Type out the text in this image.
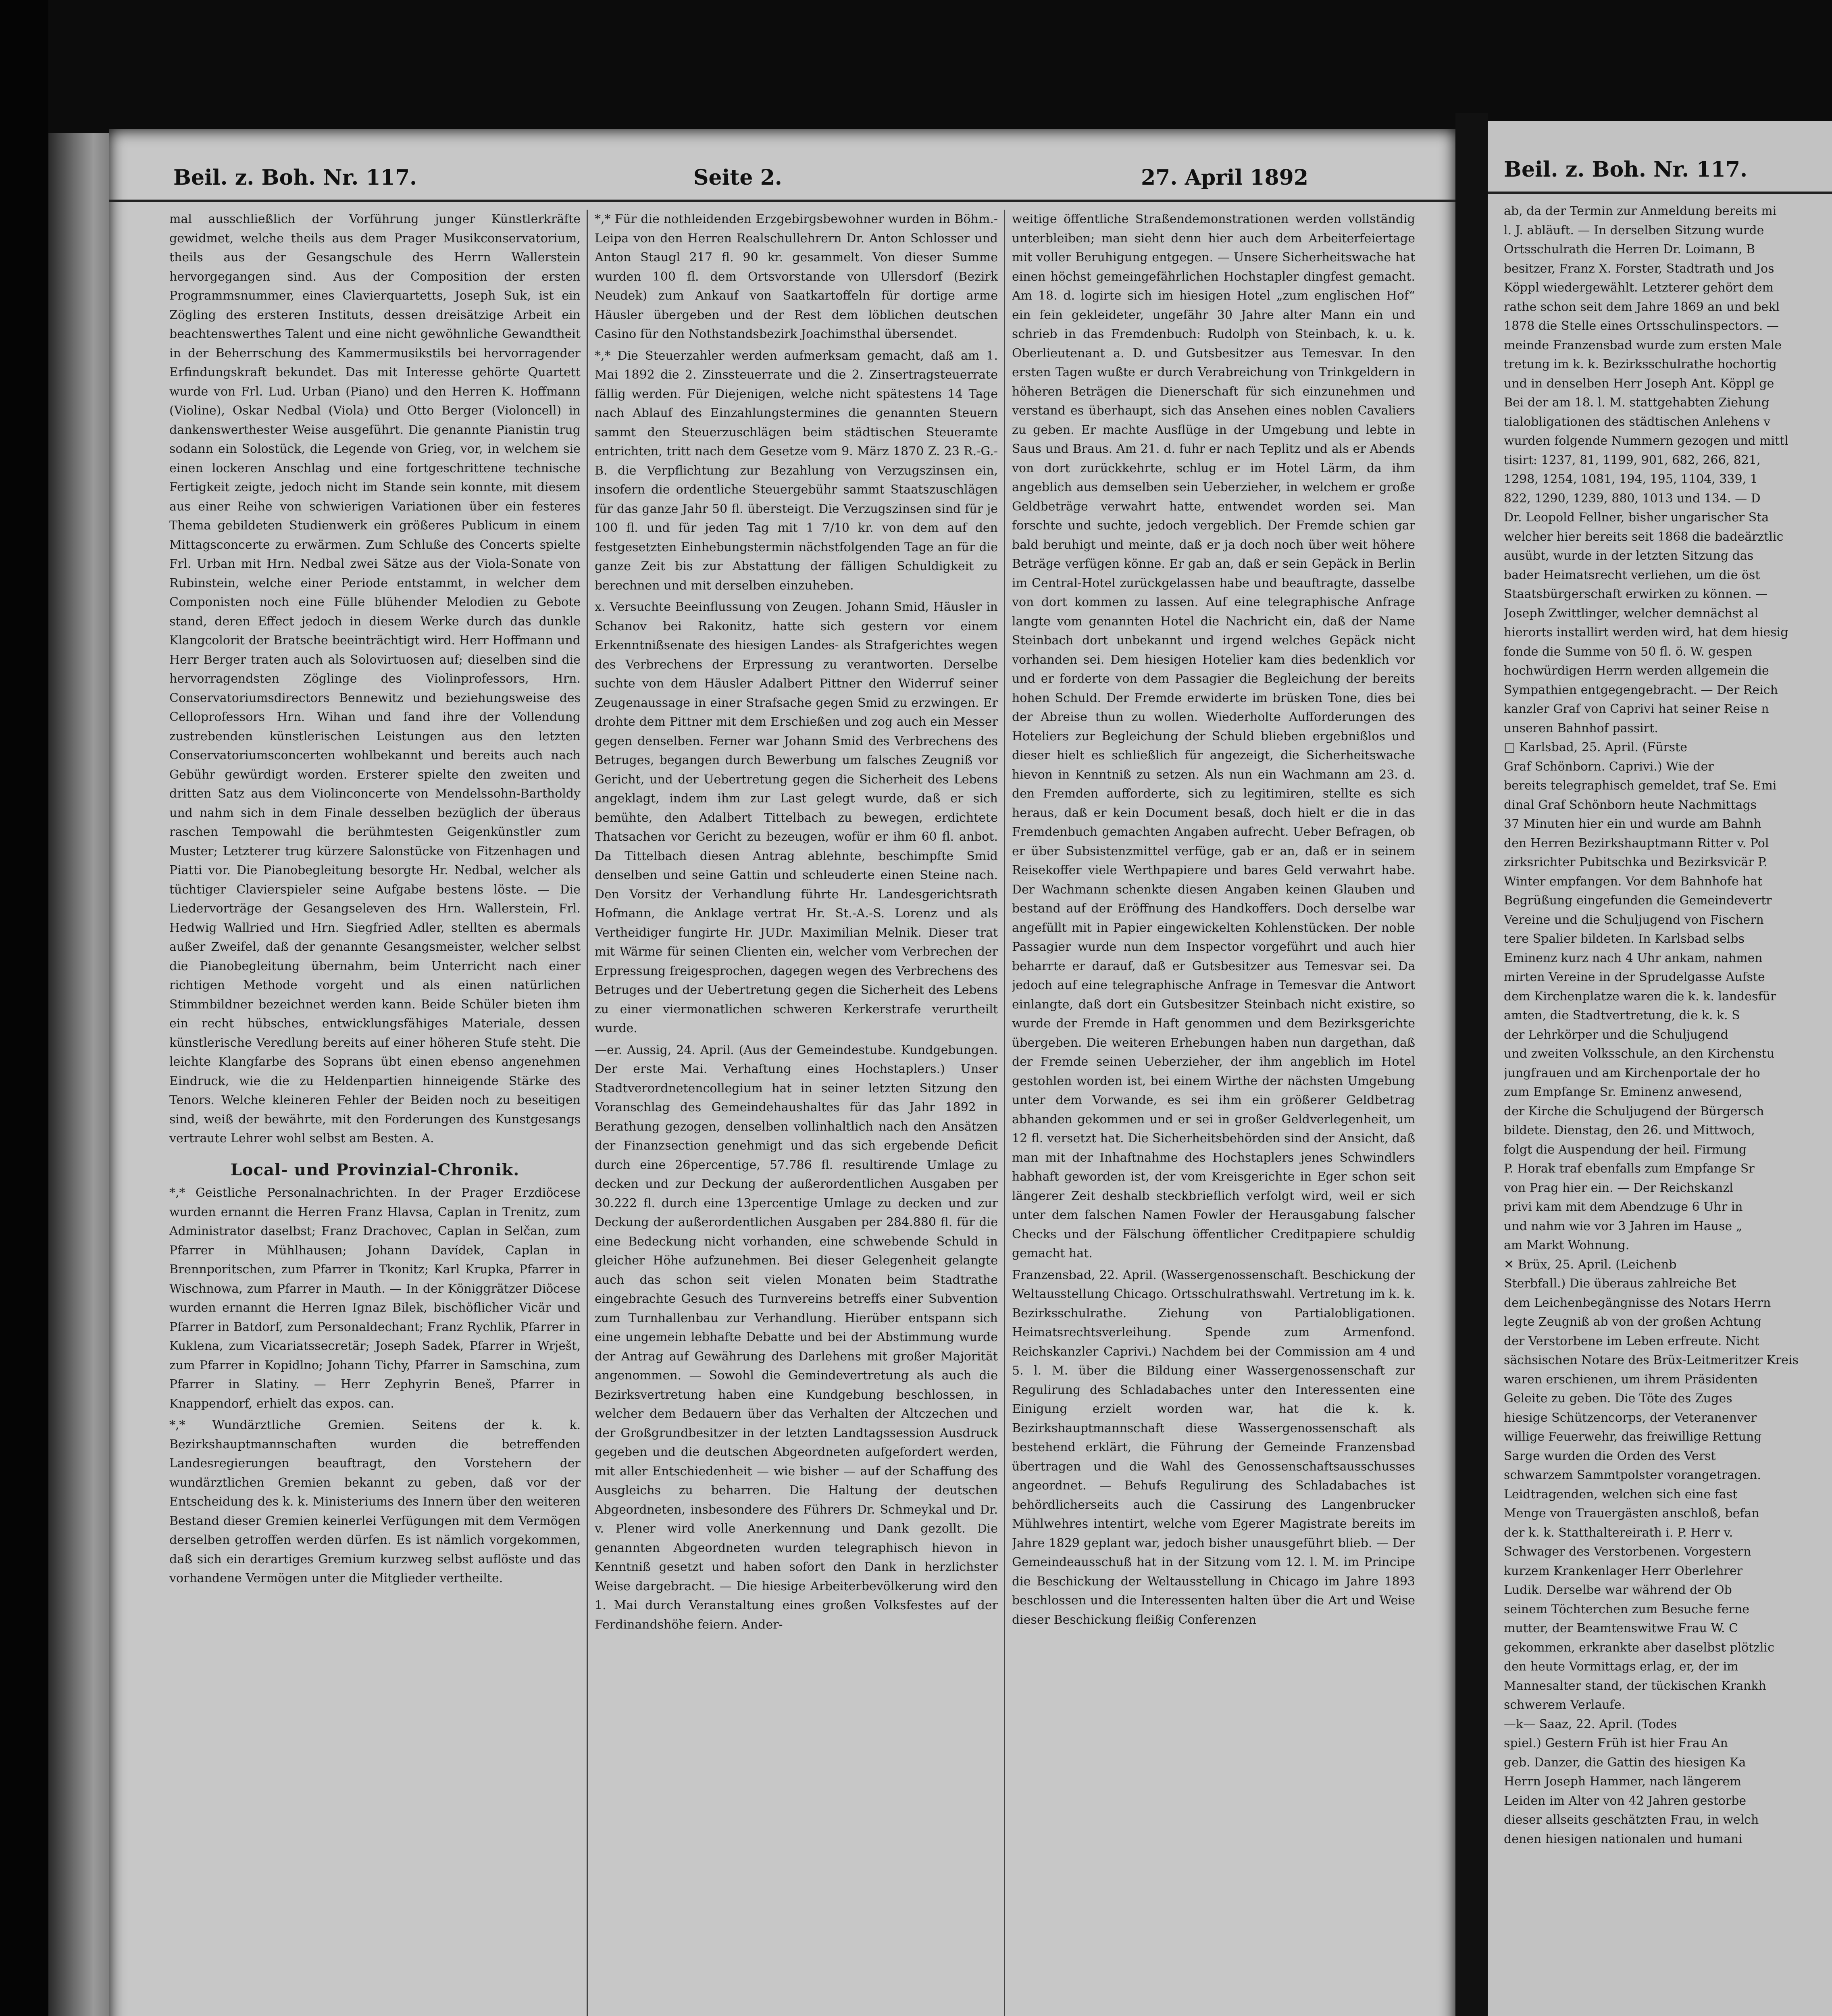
Beil. z. Boh. Nr. 117.	Seite 2.	27. April 1892

mal ausschließlich der Vorführung junger Künstlerkräfte gewidmet, welche theils aus dem Prager Musikconservatorium, theils aus der Gesangschule des Herrn Wallerstein hervorgegangen sind. Aus der Composition der ersten Programmsnummer, eines Clavierquartetts, Joseph Suk, ist ein Zögling des ersteren Instituts, dessen dreisätzige Arbeit ein beachtenswerthes Talent und eine nicht gewöhnliche Gewandtheit in der Beherrschung des Kammermusikstils bei hervorragender Erfindungskraft bekundet. Das mit Interesse gehörte Quartett wurde von Frl. Lud. Urban (Piano) und den Herren K. Hoffmann (Violine), Oskar Nedbal (Viola) und Otto Berger (Violoncell) in dankenswerthester Weise ausgeführt. Die genannte Pianistin trug sodann ein Solostück, die Legende von Grieg, vor, in welchem sie einen lockeren Anschlag und eine fortgeschrittene technische Fertigkeit zeigte, jedoch nicht im Stande sein konnte, mit diesem aus einer Reihe von schwierigen Variationen über ein festeres Thema gebildeten Studienwerk ein größeres Publicum in einem Mittagsconcerte zu erwärmen. Zum Schluße des Concerts spielte Frl. Urban mit Hrn. Nedbal zwei Sätze aus der Viola-Sonate von Rubinstein, welche einer Periode entstammt, in welcher dem Componisten noch eine Fülle blühender Melodien zu Gebote stand, deren Effect jedoch in diesem Werke durch das dunkle Klangcolorit der Bratsche beeinträchtigt wird. Herr Hoffmann und Herr Berger traten auch als Solovirtuosen auf; dieselben sind die hervorragendsten Zöglinge des Violinprofessors, Hrn. Conservatoriumsdirectors Bennewitz und beziehungsweise des Celloprofessors Hrn. Wihan und fand ihre der Vollendung zustrebenden künstlerischen Leistungen aus den letzten Conservatoriumsconcerten wohlbekannt und bereits auch nach Gebühr gewürdigt worden. Ersterer spielte den zweiten und dritten Satz aus dem Violinconcerte von Mendelssohn-Bartholdy und nahm sich in dem Finale desselben bezüglich der überaus raschen Tempowahl die berühmtesten Geigenkünstler zum Muster; Letzterer trug kürzere Salonstücke von Fitzenhagen und Piatti vor. Die Pianobegleitung besorgte Hr. Nedbal, welcher als tüchtiger Clavierspieler seine Aufgabe bestens löste. — Die Liedervorträge der Gesangseleven des Hrn. Wallerstein, Frl. Hedwig Wallried und Hrn. Siegfried Adler, stellten es abermals außer Zweifel, daß der genannte Gesangsmeister, welcher selbst die Pianobegleitung übernahm, beim Unterricht nach einer richtigen Methode vorgeht und als einen natürlichen Stimmbildner bezeichnet werden kann. Beide Schüler bieten ihm ein recht hübsches, entwicklungsfähiges Materiale, dessen künstlerische Veredlung bereits auf einer höheren Stufe steht. Die leichte Klangfarbe des Soprans übt einen ebenso angenehmen Eindruck, wie die zu Heldenpartien hinneigende Stärke des Tenors. Welche kleineren Fehler der Beiden noch zu beseitigen sind, weiß der bewährte, mit den Forderungen des Kunstgesangs vertraute Lehrer wohl selbst am Besten. A.

Local- und Provinzial-Chronik.

*,* Geistliche Personalnachrichten. In der Prager Erzdiöcese wurden ernannt die Herren Franz Hlavsa, Caplan in Trenitz, zum Administrator daselbst; Franz Drachovec, Caplan in Selčan, zum Pfarrer in Mühlhausen; Johann Davídek, Caplan in Brennporitschen, zum Pfarrer in Tkonitz; Karl Krupka, Pfarrer in Wischnowa, zum Pfarrer in Mauth. — In der Königgrätzer Diöcese wurden ernannt die Herren Ignaz Bilek, bischöflicher Vicär und Pfarrer in Batdorf, zum Personaldechant; Franz Rychlik, Pfarrer in Kuklena, zum Vicariatssecretär; Joseph Sadek, Pfarrer in Wrješt, zum Pfarrer in Kopidlno; Johann Tichy, Pfarrer in Samschina, zum Pfarrer in Slatiny. — Herr Zephyrin Beneš, Pfarrer in Knappendorf, erhielt das expos. can.

*,* Wundärztliche Gremien. Seitens der k. k. Bezirkshauptmannschaften wurden die betreffenden Landesregierungen beauftragt, den Vorstehern der wundärztlichen Gremien bekannt zu geben, daß vor der Entscheidung des k. k. Ministeriums des Innern über den weiteren Bestand dieser Gremien keinerlei Verfügungen mit dem Vermögen derselben getroffen werden dürfen. Es ist nämlich vorgekommen, daß sich ein derartiges Gremium kurzweg selbst auflöste und das vorhandene Vermögen unter die Mitglieder vertheilte.

*,* Für die nothleidenden Erzgebirgsbewohner wurden in Böhm.-Leipa von den Herren Realschullehrern Dr. Anton Schlosser und Anton Staugl 217 fl. 90 kr. gesammelt. Von dieser Summe wurden 100 fl. dem Ortsvorstande von Ullersdorf (Bezirk Neudek) zum Ankauf von Saatkartoffeln für dortige arme Häusler übergeben und der Rest dem löblichen deutschen Casino für den Nothstandsbezirk Joachimsthal übersendet.

*,* Die Steuerzahler werden aufmerksam gemacht, daß am 1. Mai 1892 die 2. Zinssteuerrate und die 2. Zinsertragsteuerrate fällig werden. Für Diejenigen, welche nicht spätestens 14 Tage nach Ablauf des Einzahlungstermines die genannten Steuern sammt den Steuerzuschlägen beim städtischen Steueramte entrichten, tritt nach dem Gesetze vom 9. März 1870 Z. 23 R.-G.-B. die Verpflichtung zur Bezahlung von Verzugszinsen ein, insofern die ordentliche Steuergebühr sammt Staatszuschlägen für das ganze Jahr 50 fl. übersteigt. Die Verzugszinsen sind für je 100 fl. und für jeden Tag mit 1 7/10 kr. von dem auf den festgesetzten Einhebungstermin nächstfolgenden Tage an für die ganze Zeit bis zur Abstattung der fälligen Schuldigkeit zu berechnen und mit derselben einzuheben.

x. Versuchte Beeinflussung von Zeugen. Johann Smid, Häusler in Schanov bei Rakonitz, hatte sich gestern vor einem Erkenntnißsenate des hiesigen Landes- als Strafgerichtes wegen des Verbrechens der Erpressung zu verantworten. Derselbe suchte von dem Häusler Adalbert Pittner den Widerruf seiner Zeugenaussage in einer Strafsache gegen Smid zu erzwingen. Er drohte dem Pittner mit dem Erschießen und zog auch ein Messer gegen denselben. Ferner war Johann Smid des Verbrechens des Betruges, begangen durch Bewerbung um falsches Zeugniß vor Gericht, und der Uebertretung gegen die Sicherheit des Lebens angeklagt, indem ihm zur Last gelegt wurde, daß er sich bemühte, den Adalbert Tittelbach zu bewegen, erdichtete Thatsachen vor Gericht zu bezeugen, wofür er ihm 60 fl. anbot. Da Tittelbach diesen Antrag ablehnte, beschimpfte Smid denselben und seine Gattin und schleuderte einen Steine nach. Den Vorsitz der Verhandlung führte Hr. Landesgerichtsrath Hofmann, die Anklage vertrat Hr. St.-A.-S. Lorenz und als Vertheidiger fungirte Hr. JUDr. Maximilian Melnik. Dieser trat mit Wärme für seinen Clienten ein, welcher vom Verbrechen der Erpressung freigesprochen, dagegen wegen des Verbrechens des Betruges und der Uebertretung gegen die Sicherheit des Lebens zu einer viermonatlichen schweren Kerkerstrafe verurtheilt wurde.

—er. Aussig, 24. April. (Aus der Gemeindestube. Kundgebungen. Der erste Mai. Verhaftung eines Hochstaplers.) Unser Stadtverordnetencollegium hat in seiner letzten Sitzung den Voranschlag des Gemeindehaushaltes für das Jahr 1892 in Berathung gezogen, denselben vollinhaltlich nach den Ansätzen der Finanzsection genehmigt und das sich ergebende Deficit durch eine 26percentige, 57.786 fl. resultirende Umlage zu decken und zur Deckung der außerordentlichen Ausgaben per 30.222 fl. durch eine 13percentige Umlage zu decken und zur Deckung der außerordentlichen Ausgaben per 284.880 fl. für die eine Bedeckung nicht vorhanden, eine schwebende Schuld in gleicher Höhe aufzunehmen. Bei dieser Gelegenheit gelangte auch das schon seit vielen Monaten beim Stadtrathe eingebrachte Gesuch des Turnvereins betreffs einer Subvention zum Turnhallenbau zur Verhandlung. Hierüber entspann sich eine ungemein lebhafte Debatte und bei der Abstimmung wurde der Antrag auf Gewährung des Darlehens mit großer Majorität angenommen. — Sowohl die Gemindevertretung als auch die Bezirksvertretung haben eine Kundgebung beschlossen, in welcher dem Bedauern über das Verhalten der Altczechen und der Großgrundbesitzer in der letzten Landtagssession Ausdruck gegeben und die deutschen Abgeordneten aufgefordert werden, mit aller Entschiedenheit — wie bisher — auf der Schaffung des Ausgleichs zu beharren. Die Haltung der deutschen Abgeordneten, insbesondere des Führers Dr. Schmeykal und Dr. v. Plener wird volle Anerkennung und Dank gezollt. Die genannten Abgeordneten wurden telegraphisch hievon in Kenntniß gesetzt und haben sofort den Dank in herzlichster Weise dargebracht. — Die hiesige Arbeiterbevölkerung wird den 1. Mai durch Veranstaltung eines großen Volksfestes auf der Ferdinandshöhe feiern. Ander-

weitige öffentliche Straßendemonstrationen werden vollständig unterbleiben; man sieht denn hier auch dem Arbeiterfeiertage mit voller Beruhigung entgegen. — Unsere Sicherheitswache hat einen höchst gemeingefährlichen Hochstapler dingfest gemacht. Am 18. d. logirte sich im hiesigen Hotel „zum englischen Hof“ ein fein gekleideter, ungefähr 30 Jahre alter Mann ein und schrieb in das Fremdenbuch: Rudolph von Steinbach, k. u. k. Oberlieutenant a. D. und Gutsbesitzer aus Temesvar. In den ersten Tagen wußte er durch Verabreichung von Trinkgeldern in höheren Beträgen die Dienerschaft für sich einzunehmen und verstand es überhaupt, sich das Ansehen eines noblen Cavaliers zu geben. Er machte Ausflüge in der Umgebung und lebte in Saus und Braus. Am 21. d. fuhr er nach Teplitz und als er Abends von dort zurückkehrte, schlug er im Hotel Lärm, da ihm angeblich aus demselben sein Ueberzieher, in welchem er große Geldbeträge verwahrt hatte, entwendet worden sei. Man forschte und suchte, jedoch vergeblich. Der Fremde schien gar bald beruhigt und meinte, daß er ja doch noch über weit höhere Beträge verfügen könne. Er gab an, daß er sein Gepäck in Berlin im Central-Hotel zurückgelassen habe und beauftragte, dasselbe von dort kommen zu lassen. Auf eine telegraphische Anfrage langte vom genannten Hotel die Nachricht ein, daß der Name Steinbach dort unbekannt und irgend welches Gepäck nicht vorhanden sei. Dem hiesigen Hotelier kam dies bedenklich vor und er forderte von dem Passagier die Begleichung der bereits hohen Schuld. Der Fremde erwiderte im brüsken Tone, dies bei der Abreise thun zu wollen. Wiederholte Aufforderungen des Hoteliers zur Begleichung der Schuld blieben ergebnißlos und dieser hielt es schließlich für angezeigt, die Sicherheitswache hievon in Kenntniß zu setzen. Als nun ein Wachmann am 23. d. den Fremden aufforderte, sich zu legitimiren, stellte es sich heraus, daß er kein Document besaß, doch hielt er die in das Fremdenbuch gemachten Angaben aufrecht. Ueber Befragen, ob er über Subsistenzmittel verfüge, gab er an, daß er in seinem Reisekoffer viele Werthpapiere und bares Geld verwahrt habe. Der Wachmann schenkte diesen Angaben keinen Glauben und bestand auf der Eröffnung des Handkoffers. Doch derselbe war angefüllt mit in Papier eingewickelten Kohlenstücken. Der noble Passagier wurde nun dem Inspector vorgeführt und auch hier beharrte er darauf, daß er Gutsbesitzer aus Temesvar sei. Da jedoch auf eine telegraphische Anfrage in Temesvar die Antwort einlangte, daß dort ein Gutsbesitzer Steinbach nicht existire, so wurde der Fremde in Haft genommen und dem Bezirksgerichte übergeben. Die weiteren Erhebungen haben nun dargethan, daß der Fremde seinen Ueberzieher, der ihm angeblich im Hotel gestohlen worden ist, bei einem Wirthe der nächsten Umgebung unter dem Vorwande, es sei ihm ein größerer Geldbetrag abhanden gekommen und er sei in großer Geldverlegenheit, um 12 fl. versetzt hat. Die Sicherheitsbehörden sind der Ansicht, daß man mit der Inhaftnahme des Hochstaplers jenes Schwindlers habhaft geworden ist, der vom Kreisgerichte in Eger schon seit längerer Zeit deshalb steckbrieflich verfolgt wird, weil er sich unter dem falschen Namen Fowler der Herausgabung falscher Checks und der Fälschung öffentlicher Creditpapiere schuldig gemacht hat.

Franzensbad, 22. April. (Wassergenossenschaft. Beschickung der Weltausstellung Chicago. Ortsschulrathswahl. Vertretung im k. k. Bezirksschulrathe. Ziehung von Partialobligationen. Heimatsrechtsverleihung. Spende zum Armenfond. Reichskanzler Caprivi.) Nachdem bei der Commission am 4 und 5. l. M. über die Bildung einer Wassergenossenschaft zur Regulirung des Schladabaches unter den Interessenten eine Einigung erzielt worden war, hat die k. k. Bezirkshauptmannschaft diese Wassergenossenschaft als bestehend erklärt, die Führung der Gemeinde Franzensbad übertragen und die Wahl des Genossenschaftsausschusses angeordnet. — Behufs Regulirung des Schladabaches ist behördlicherseits auch die Cassirung des Langenbrucker Mühlwehres intentirt, welche vom Egerer Magistrate bereits im Jahre 1829 geplant war, jedoch bisher unausgeführt blieb. — Der Gemeindeausschuß hat in der Sitzung vom 12. l. M. im Principe die Beschickung der Weltausstellung in Chicago im Jahre 1893 beschlossen und die Interessenten halten über die Art und Weise dieser Beschickung fleißig Conferenzen

Beil. z. Boh. Nr. 117.
ab, da der Termin zur Anmeldung bereits mi
l. J. abläuft. — In derselben Sitzung wurde
Ortsschulrath die Herren Dr. Loimann, B
besitzer, Franz X. Forster, Stadtrath und Jos
Köppl wiedergewählt. Letzterer gehört dem
rathe schon seit dem Jahre 1869 an und bekl
1878 die Stelle eines Ortsschulinspectors. —
meinde Franzensbad wurde zum ersten Male
tretung im k. k. Bezirksschulrathe hochortig
und in denselben Herr Joseph Ant. Köppl ge
Bei der am 18. l. M. stattgehabten Ziehung
tialobligationen des städtischen Anlehens v
wurden folgende Nummern gezogen und mittl
tisirt: 1237, 81, 1199, 901, 682, 266, 821,
1298, 1254, 1081, 194, 195, 1104, 339, 1
822, 1290, 1239, 880, 1013 und 134. — D
Dr. Leopold Fellner, bisher ungarischer Sta
welcher hier bereits seit 1868 die badeärztlic
ausübt, wurde in der letzten Sitzung das
bader Heimatsrecht verliehen, um die öst
Staatsbürgerschaft erwirken zu können. —
Joseph Zwittlinger, welcher demnächst al
hierorts installirt werden wird, hat dem hiesig
fonde die Summe von 50 fl. ö. W. gespen
hochwürdigen Herrn werden allgemein die
Sympathien entgegengebracht. — Der Reich
kanzler Graf von Caprivi hat seiner Reise n
unseren Bahnhof passirt.
□ Karlsbad, 25. April. (Fürste
Graf Schönborn. Caprivi.) Wie der
bereits telegraphisch gemeldet, traf Se. Emi
dinal Graf Schönborn heute Nachmittags
37 Minuten hier ein und wurde am Bahnh
den Herren Bezirkshauptmann Ritter v. Pol
zirksrichter Pubitschka und Bezirksvicär P.
Winter empfangen. Vor dem Bahnhofe hat
Begrüßung eingefunden die Gemeindevertr
Vereine und die Schuljugend von Fischern
tere Spalier bildeten. In Karlsbad selbs
Eminenz kurz nach 4 Uhr ankam, nahmen
mirten Vereine in der Sprudelgasse Aufste
dem Kirchenplatze waren die k. k. landesfür
amten, die Stadtvertretung, die k. k. S
der Lehrkörper und die Schuljugend
und zweiten Volksschule, an den Kirchenstu
jungfrauen und am Kirchenportale der ho
zum Empfange Sr. Eminenz anwesend,
der Kirche die Schuljugend der Bürgersch
bildete. Dienstag, den 26. und Mittwoch,
folgt die Auspendung der heil. Firmung
P. Horak traf ebenfalls zum Empfange Sr
von Prag hier ein. — Der Reichskanzl
privi kam mit dem Abendzuge 6 Uhr in
und nahm wie vor 3 Jahren im Hause „
am Markt Wohnung.
✕ Brüx, 25. April. (Leichenb
Sterbfall.) Die überaus zahlreiche Bet
dem Leichenbegängnisse des Notars Herrn
legte Zeugniß ab von der großen Achtung
der Verstorbene im Leben erfreute. Nicht
sächsischen Notare des Brüx-Leitmeritzer Kreis
waren erschienen, um ihrem Präsidenten
Geleite zu geben. Die Töte des Zuges
hiesige Schützencorps, der Veteranenver
willige Feuerwehr, das freiwillige Rettung
Sarge wurden die Orden des Verst
schwarzem Sammtpolster vorangetragen.
Leidtragenden, welchen sich eine fast
Menge von Trauergästen anschloß, befan
der k. k. Statthaltereirath i. P. Herr v.
Schwager des Verstorbenen. Vorgestern
kurzem Krankenlager Herr Oberlehrer
Ludik. Derselbe war während der Ob
seinem Töchterchen zum Besuche ferne
mutter, der Beamtenswitwe Frau W. C
gekommen, erkrankte aber daselbst plötzlic
den heute Vormittags erlag, er, der im
Mannesalter stand, der tückischen Krankh
schwerem Verlaufe.
—k— Saaz, 22. April. (Todes
spiel.) Gestern Früh ist hier Frau An
geb. Danzer, die Gattin des hiesigen Ka
Herrn Joseph Hammer, nach längerem
Leiden im Alter von 42 Jahren gestorbe
dieser allseits geschätzten Frau, in welch
denen hiesigen nationalen und humani
